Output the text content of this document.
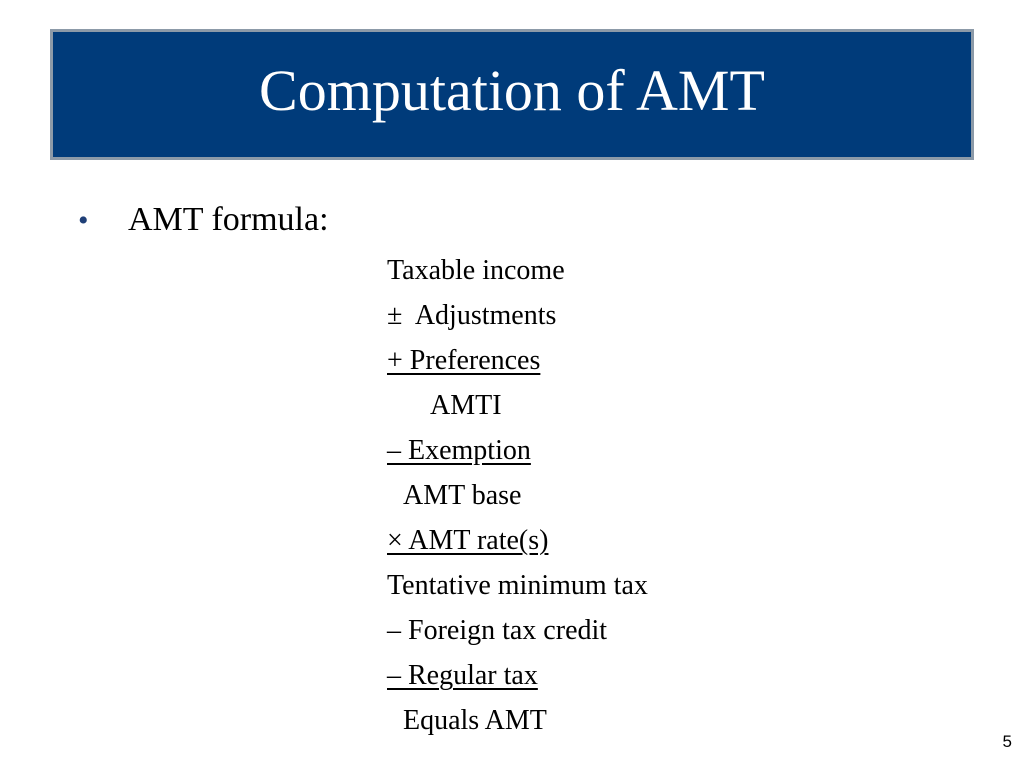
Computation of AMT
•	AMT formula:
Taxable income
±  Adjustments
+ Preferences
AMTI
– Exemption
AMT base
× AMT rate(s)
Tentative minimum tax
– Foreign tax credit
– Regular tax
Equals AMT
5
